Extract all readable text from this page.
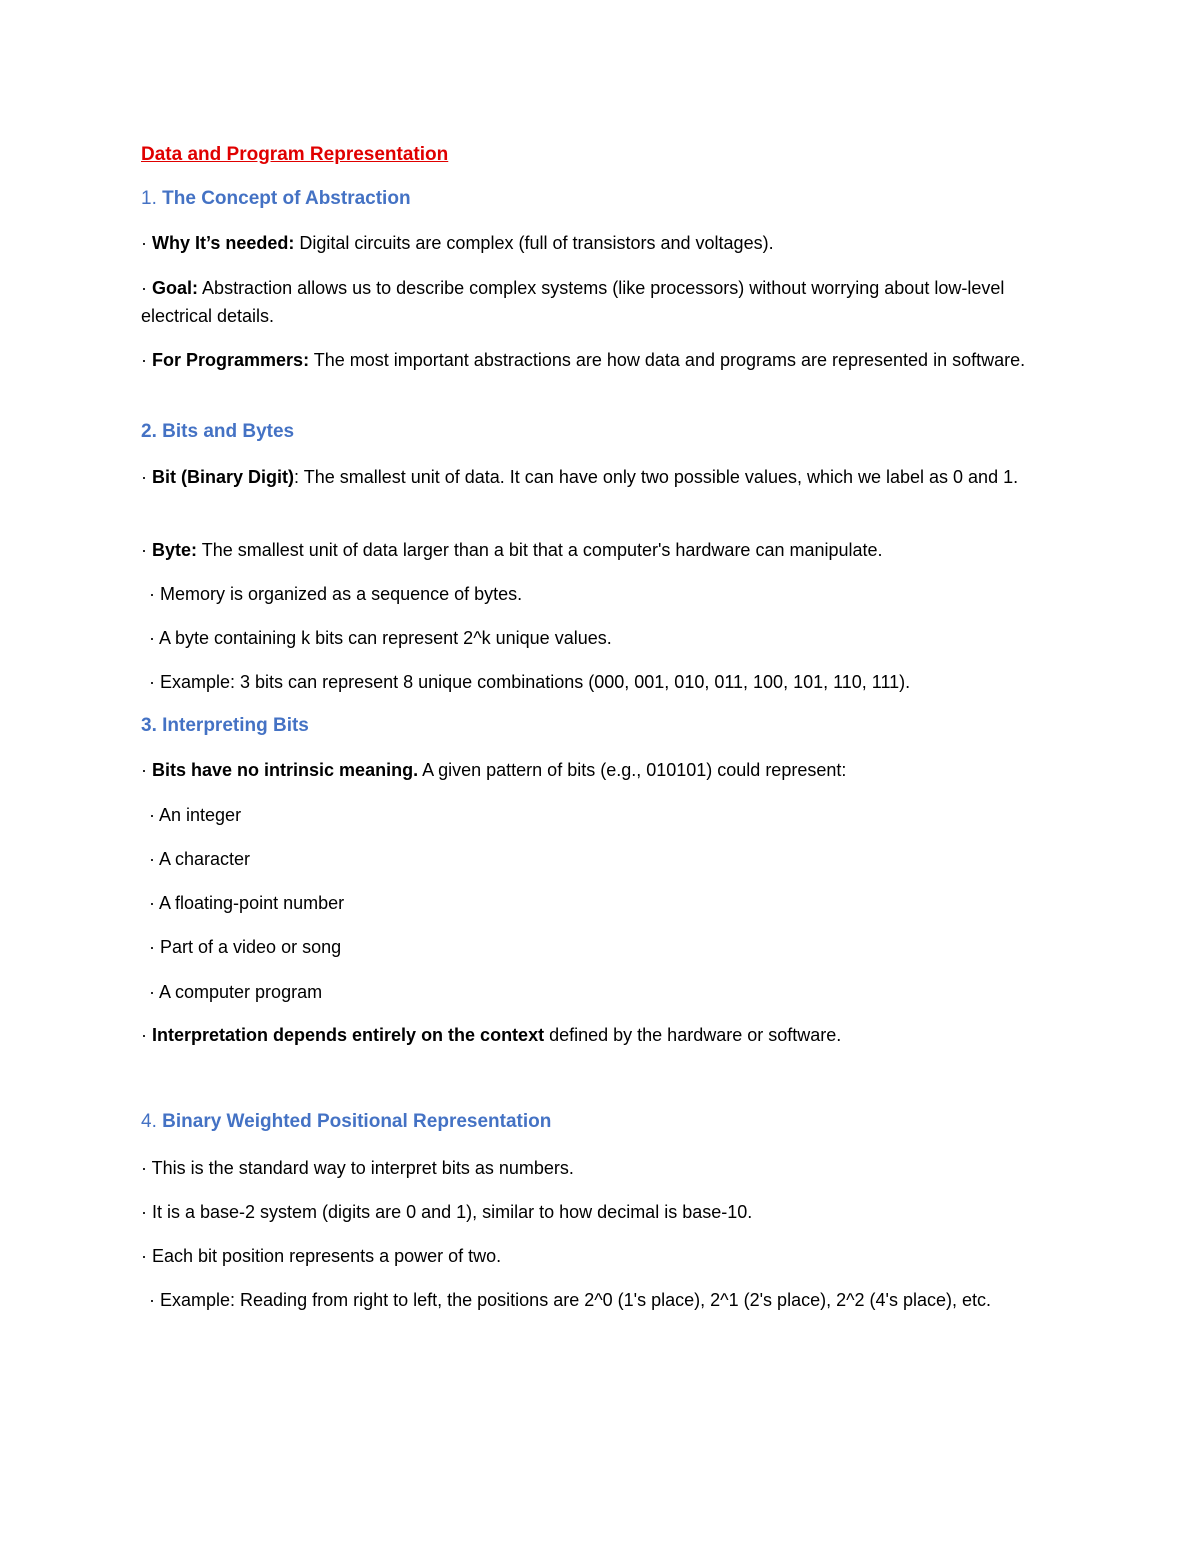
Data and Program Representation
1. The Concept of Abstraction
· Why It’s needed: Digital circuits are complex (full of transistors and voltages).
· Goal: Abstraction allows us to describe complex systems (like processors) without worrying about low-level electrical details.
· For Programmers: The most important abstractions are how data and programs are represented in software.
2. Bits and Bytes
· Bit (Binary Digit): The smallest unit of data. It can have only two possible values, which we label as 0 and 1.
· Byte: The smallest unit of data larger than a bit that a computer's hardware can manipulate.
· Memory is organized as a sequence of bytes.
· A byte containing k bits can represent 2^k unique values.
· Example: 3 bits can represent 8 unique combinations (000, 001, 010, 011, 100, 101, 110, 111).
3. Interpreting Bits
· Bits have no intrinsic meaning. A given pattern of bits (e.g., 010101) could represent:
· An integer
· A character
· A floating-point number
· Part of a video or song
· A computer program
· Interpretation depends entirely on the context defined by the hardware or software.
4. Binary Weighted Positional Representation
· This is the standard way to interpret bits as numbers.
· It is a base-2 system (digits are 0 and 1), similar to how decimal is base-10.
· Each bit position represents a power of two.
· Example: Reading from right to left, the positions are 2^0 (1's place), 2^1 (2's place), 2^2 (4's place), etc.
